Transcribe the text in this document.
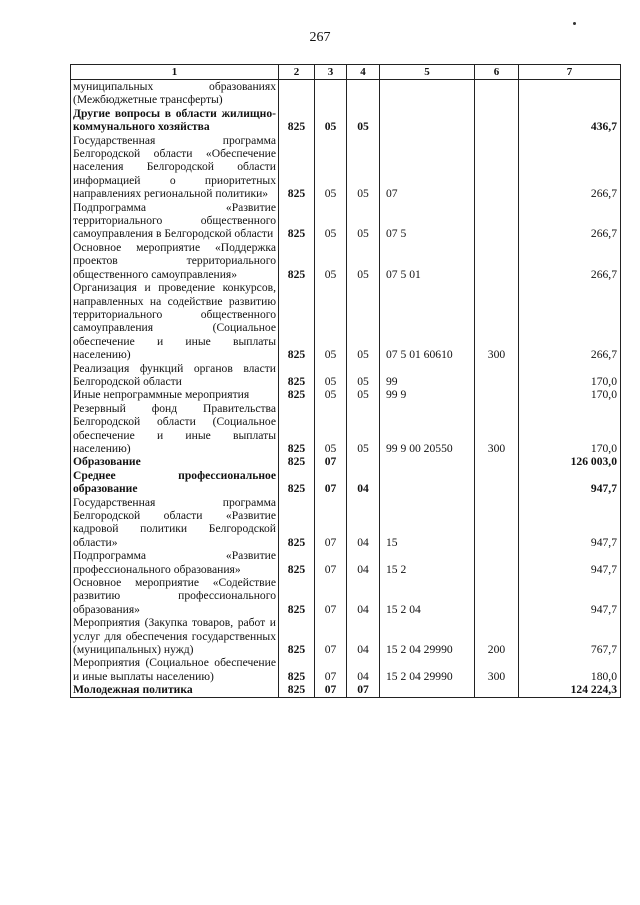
267
1	2	3	4	5	6	7
муниципальных образованиях (Межбюджетные трансферты)						
Другие вопросы в области жилищно-коммунального хозяйства	825	05	05			436,7
Государственная программа Белгородской области «Обеспечение населения Белгородской области информацией о приоритетных направлениях региональной политики»	825	05	05	07		266,7
Подпрограмма «Развитие территориального общественного самоуправления в Белгородской области	825	05	05	07 5		266,7
Основное мероприятие «Поддержка проектов территориального общественного самоуправления»	825	05	05	07 5 01		266,7
Организация и проведение конкурсов, направленных на содействие развитию территориального общественного самоуправления (Социальное обеспечение и иные выплаты населению)	825	05	05	07 5 01 60610	300	266,7
Реализация функций органов власти Белгородской области	825	05	05	99		170,0
Иные непрограммные мероприятия	825	05	05	99 9		170,0
Резервный фонд Правительства Белгородской области (Социальное обеспечение и иные выплаты населению)	825	05	05	99 9 00 20550	300	170,0
Образование	825	07				126 003,0
Среднее профессиональное образование	825	07	04			947,7
Государственная программа Белгородской области «Развитие кадровой политики Белгородской области»	825	07	04	15		947,7
Подпрограмма «Развитие профессионального образования»	825	07	04	15 2		947,7
Основное мероприятие «Содействие развитию профессионального образования»	825	07	04	15 2 04		947,7
Мероприятия (Закупка товаров, работ и услуг для обеспечения государственных (муниципальных) нужд)	825	07	04	15 2 04 29990	200	767,7
Мероприятия (Социальное обеспечение и иные выплаты населению)	825	07	04	15 2 04 29990	300	180,0
Молодежная политика	825	07	07			124 224,3
